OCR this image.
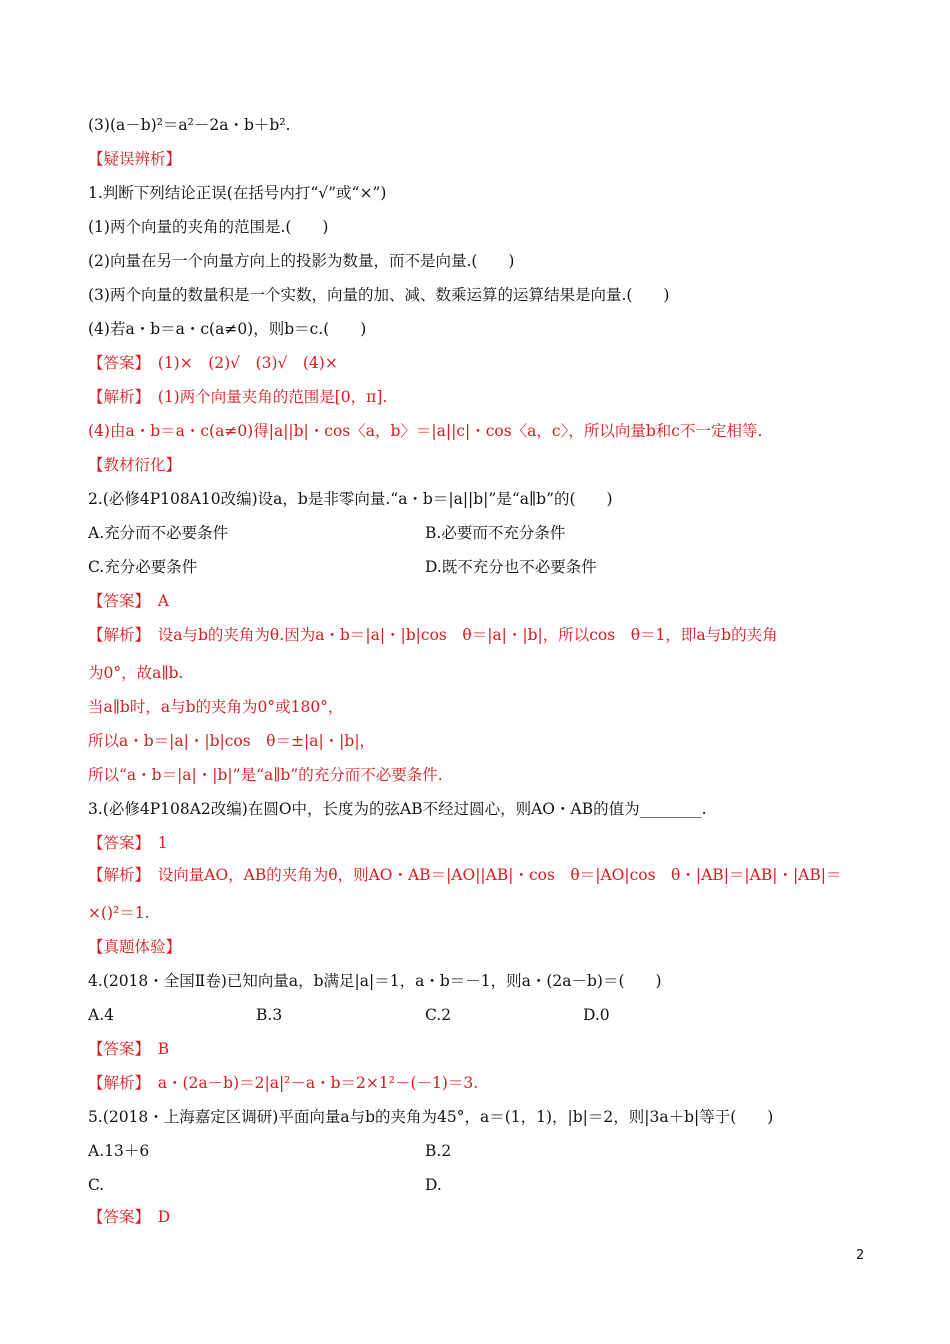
(3)(a－b)²＝a²－2a・b＋b².
【疑误辨析】
1.判断下列结论正误(在括号内打“√”或“×”)
(1)两个向量的夹角的范围是.(　　)
(2)向量在另一个向量方向上的投影为数量，而不是向量.(　　)
(3)两个向量的数量积是一个实数，向量的加、减、数乘运算的运算结果是向量.(　　)
(4)若a・b＝a・c(a≠0)，则b＝c.(　　)
【答案】　(1)×　(2)√　(3)√　(4)×
【解析】　(1)两个向量夹角的范围是[0，π].
(4)由a・b＝a・c(a≠0)得|a||b|・cos〈a，b〉＝|a||c|・cos〈a，c〉，所以向量b和c不一定相等.
【教材衍化】
2.(必修4P108A10改编)设a，b是非零向量.“a・b＝|a||b|”是“a∥b”的(　　)
A.充分而不必要条件	B.必要而不充分条件
C.充分必要条件	D.既不充分也不必要条件
【答案】　A
【解析】　设a与b的夹角为θ.因为a・b＝|a|・|b|cos　θ＝|a|・|b|，所以cos　θ＝1，即a与b的夹角
为0°，故a∥b.
当a∥b时，a与b的夹角为0°或180°，
所以a・b＝|a|・|b|cos　θ＝±|a|・|b|，
所以“a・b＝|a|・|b|”是“a∥b”的充分而不必要条件.
3.(必修4P108A2改编)在圆O中，长度为的弦AB不经过圆心，则AO・AB的值为________.
【答案】　1
【解析】　设向量AO，AB的夹角为θ，则AO・AB＝|AO||AB|・cos　θ＝|AO|cos　θ・|AB|＝|AB|・|AB|＝
×()²＝1.
【真题体验】
4.(2018・全国Ⅱ卷)已知向量a，b满足|a|＝1，a・b＝－1，则a・(2a－b)＝(　　)
A.4	B.3	C.2	D.0
【答案】　B
【解析】　a・(2a－b)＝2|a|²－a・b＝2×1²－(－1)＝3.
5.(2018・上海嘉定区调研)平面向量a与b的夹角为45°，a＝(1，1)，|b|＝2，则|3a＋b|等于(　　)
A.13＋6	B.2
C.	D.
【答案】　D
2
